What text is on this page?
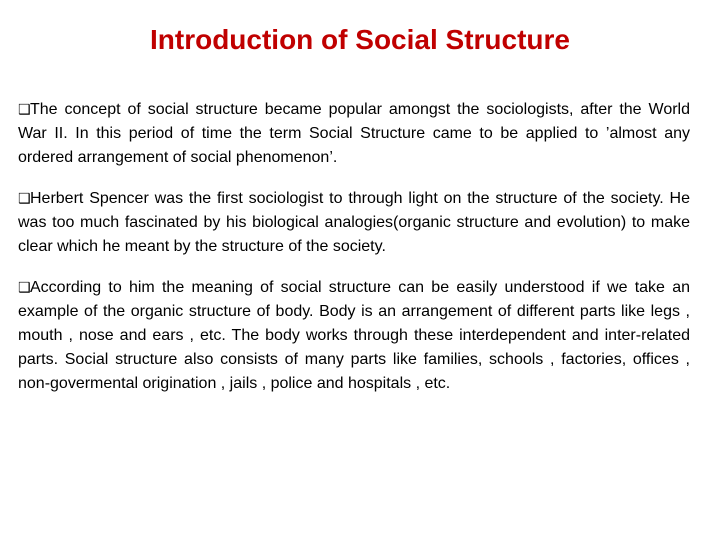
Introduction of Social Structure

❑The concept of social structure became popular amongst the sociologists, after the World War II. In this period of time the term Social Structure came to be applied to ’almost any ordered arrangement of social phenomenon’.

❑Herbert Spencer was the first sociologist to through light on the structure of the society. He was too much fascinated by his biological analogies(organic structure and evolution) to make clear which he meant by the structure of the society.

❑According to him the meaning of social structure can be easily understood if we take an example of the organic structure of body. Body is an arrangement of different parts like legs , mouth , nose and ears , etc. The body works through these interdependent and inter-related parts. Social structure also consists of many parts like families, schools , factories, offices , non-govermental origination , jails , police and hospitals , etc.
